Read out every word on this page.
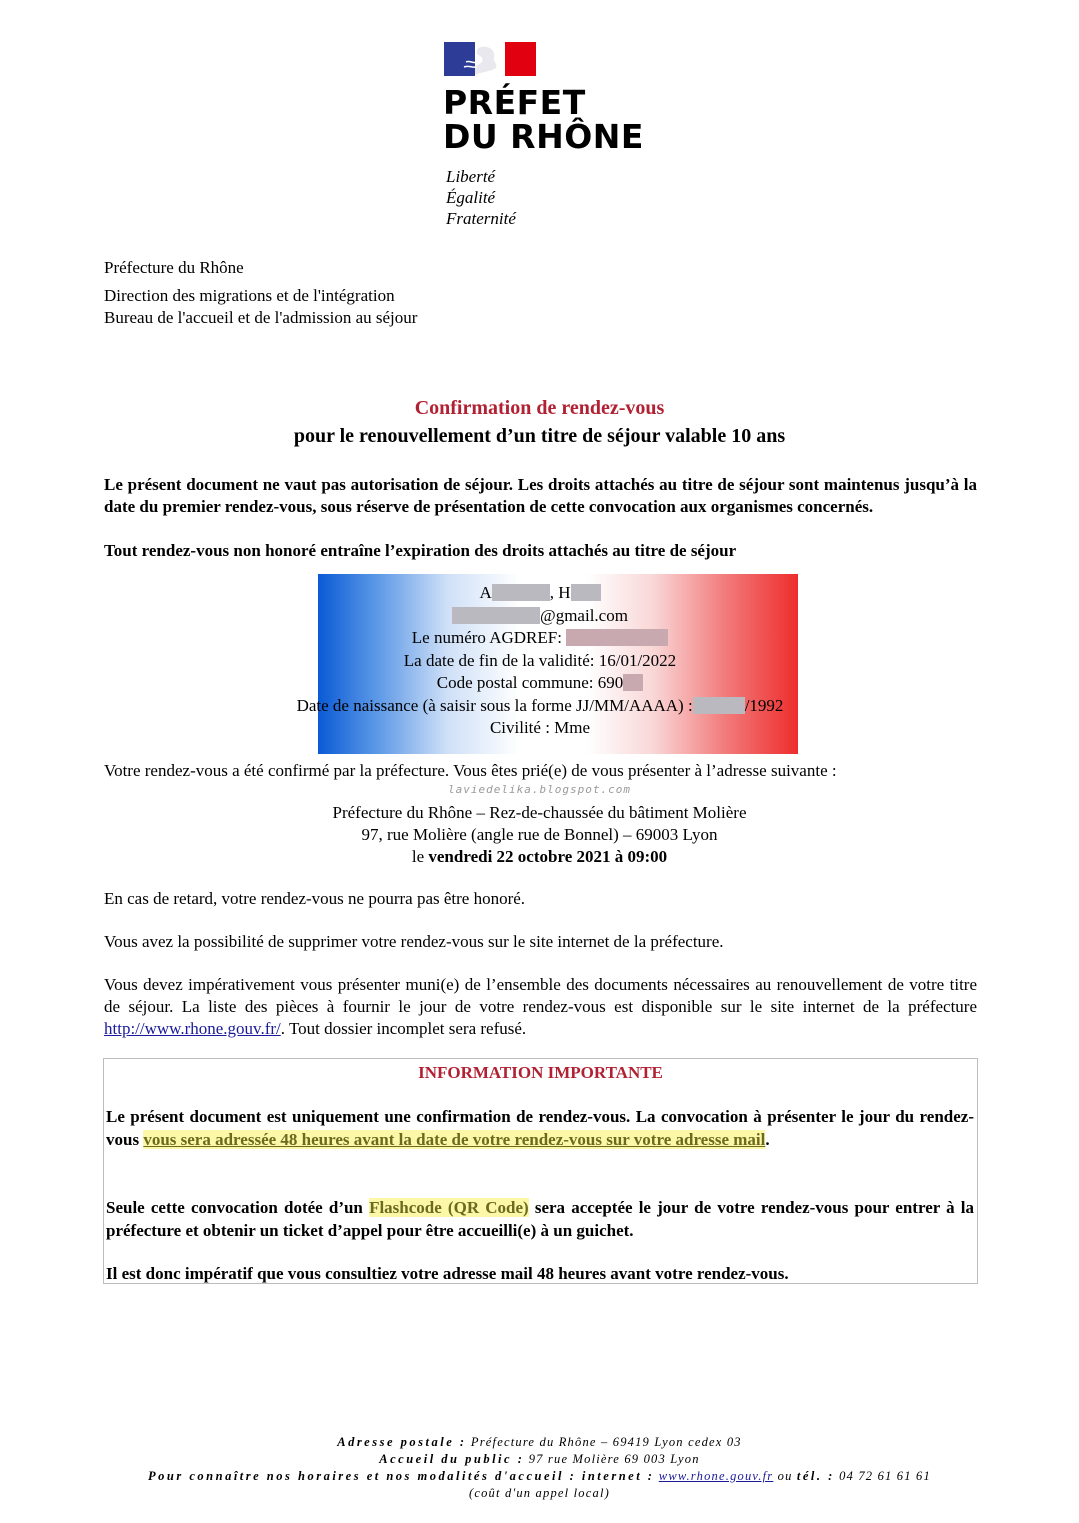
PRÉFET
DU RHÔNE
Liberté
Égalité
Fraternité
Préfecture du Rhône
Direction des migrations et de l'intégration
Bureau de l'accueil et de l'admission au séjour
Confirmation de rendez-vous
pour le renouvellement d’un titre de séjour valable 10 ans
Le présent document ne vaut pas autorisation de séjour. Les droits attachés au titre de séjour sont maintenus jusqu’à la date du premier rendez-vous, sous réserve de présentation de cette convocation aux organismes concernés.
Tout rendez-vous non honoré entraîne l’expiration des droits attachés au titre de séjour
A	, H
@gmail.com
Le numéro AGDREF:
La date de fin de la validité: 16/01/2022
Code postal commune: 690
Date de naissance (à saisir sous la forme JJ/MM/AAAA) :	/1992
Civilité : Mme
Votre rendez-vous a été confirmé par la préfecture. Vous êtes prié(e) de vous présenter à l’adresse suivante :
laviedelika.blogspot.com
Préfecture du Rhône – Rez-de-chaussée du bâtiment Molière
97, rue Molière (angle rue de Bonnel) – 69003 Lyon
le vendredi 22 octobre 2021 à 09:00
En cas de retard, votre rendez-vous ne pourra pas être honoré.
Vous avez la possibilité de supprimer votre rendez-vous sur le site internet de la préfecture.
Vous devez impérativement vous présenter muni(e) de l’ensemble des documents nécessaires au renouvellement de votre titre de séjour. La liste des pièces à fournir le jour de votre rendez-vous est disponible sur le site internet de la préfecture http://www.rhone.gouv.fr/. Tout dossier incomplet sera refusé.
INFORMATION IMPORTANTE
Le présent document est uniquement une confirmation de rendez-vous. La convocation à présenter le jour du rendez-vous vous sera adressée 48 heures avant la date de votre rendez-vous sur votre adresse mail.
Seule cette convocation dotée d’un Flashcode (QR Code) sera acceptée le jour de votre rendez-vous pour entrer à la préfecture et obtenir un ticket d’appel pour être accueilli(e) à un guichet.
Il est donc impératif que vous consultiez votre adresse mail 48 heures avant votre rendez-vous.
Adresse postale : Préfecture du Rhône – 69419 Lyon cedex 03
Accueil du public : 97 rue Molière 69 003 Lyon
Pour connaître nos horaires et nos modalités d'accueil : internet : www.rhone.gouv.fr ou tél. : 04 72 61 61 61
(coût d'un appel local)
